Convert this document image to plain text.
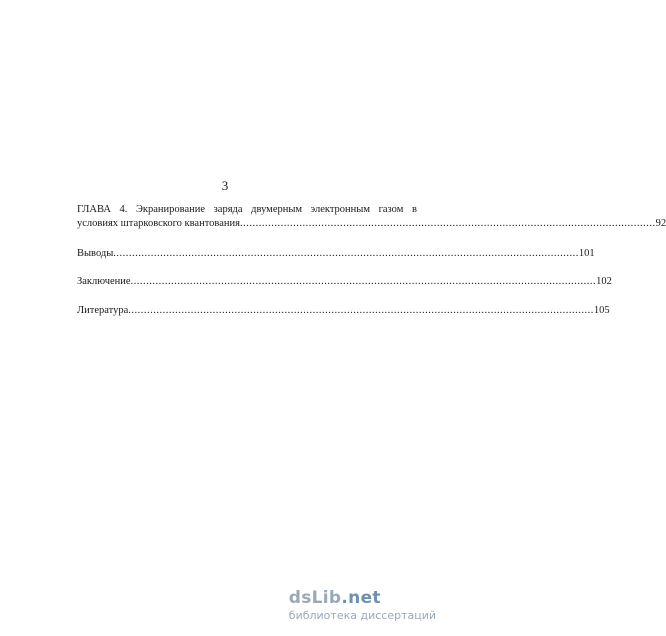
3
ГЛАВА 4. Экранирование заряда двумерным электронным газом в
условиях штарковского квантования ..................................................................................................................................... 92
Выводы ..................................................................................................................................................... 101
Заключение ..................................................................................................................................................... 102
Литература ..................................................................................................................................................... 105
dsLib.net
библиотека диссертаций
